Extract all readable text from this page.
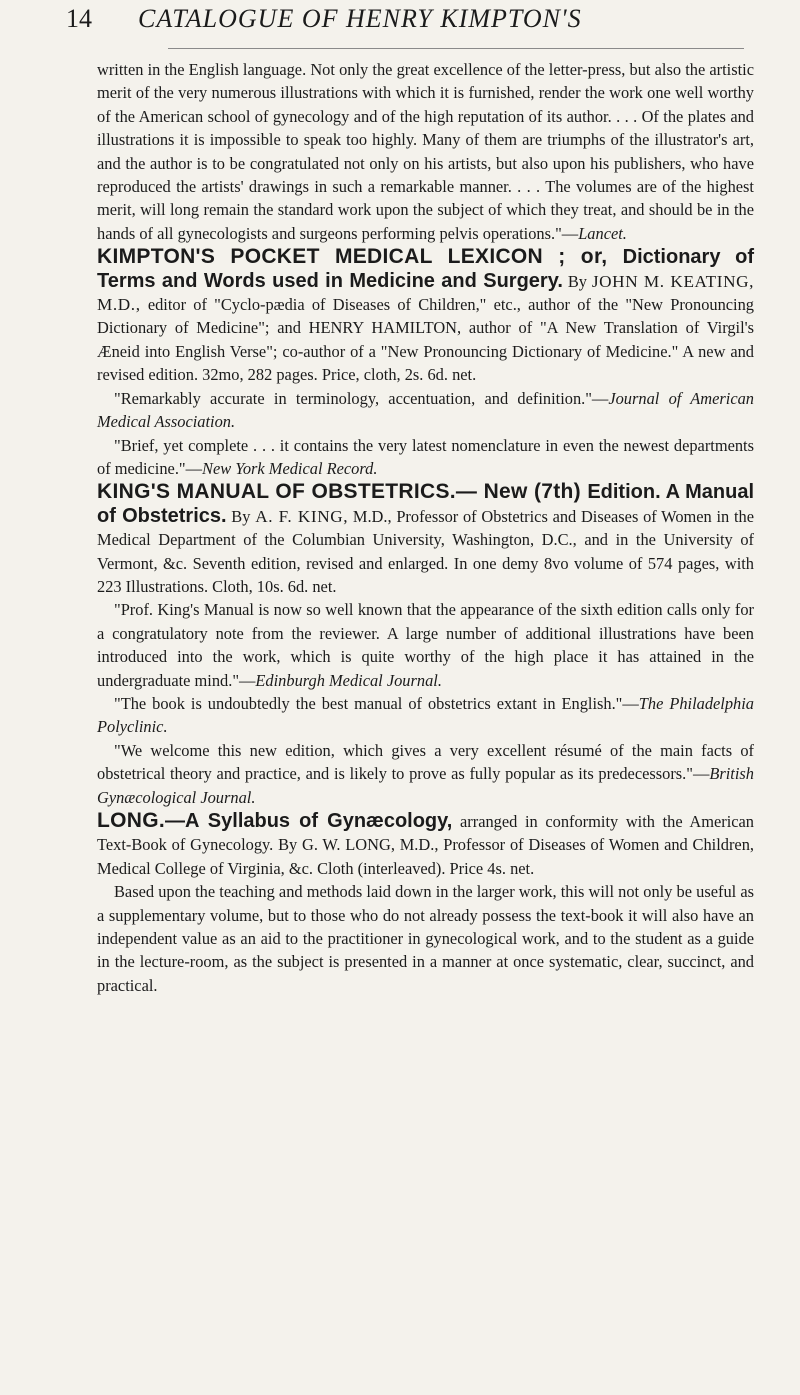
14 CATALOGUE OF HENRY KIMPTON'S

written in the English language. Not only the great excellence of the letter-press, but also the artistic merit of the very numerous illustrations with which it is furnished, render the work one well worthy of the American school of gynecology and of the high reputation of its author. . . . Of the plates and illustrations it is impossible to speak too highly. Many of them are triumphs of the illustrator's art, and the author is to be congratulated not only on his artists, but also upon his publishers, who have reproduced the artists' drawings in such a remarkable manner. . . . The volumes are of the highest merit, will long remain the standard work upon the subject of which they treat, and should be in the hands of all gynecologists and surgeons performing pelvis operations."—Lancet.

KIMPTON'S POCKET MEDICAL LEXICON ; or, Dictionary of Terms and Words used in Medicine and Surgery. By JOHN M. KEATING, M.D., editor of "Cyclo-pædia of Diseases of Children," etc., author of the "New Pronouncing Dictionary of Medicine"; and HENRY HAMILTON, author of "A New Translation of Virgil's Æneid into English Verse"; co-author of a "New Pronouncing Dictionary of Medicine." A new and revised edition. 32mo, 282 pages. Price, cloth, 2s. 6d. net.

"Remarkably accurate in terminology, accentuation, and definition."—Journal of American Medical Association.

"Brief, yet complete . . . it contains the very latest nomenclature in even the newest departments of medicine."—New York Medical Record.

KING'S MANUAL OF OBSTETRICS.— New (7th) Edition. A Manual of Obstetrics. By A. F. KING, M.D., Professor of Obstetrics and Diseases of Women in the Medical Department of the Columbian University, Washington, D.C., and in the University of Vermont, &c. Seventh edition, revised and enlarged. In one demy 8vo volume of 574 pages, with 223 Illustrations. Cloth, 10s. 6d. net.

"Prof. King's Manual is now so well known that the appearance of the sixth edition calls only for a congratulatory note from the reviewer. A large number of additional illustrations have been introduced into the work, which is quite worthy of the high place it has attained in the undergraduate mind."—Edinburgh Medical Journal.

"The book is undoubtedly the best manual of obstetrics extant in English."—The Philadelphia Polyclinic.

"We welcome this new edition, which gives a very excellent résumé of the main facts of obstetrical theory and practice, and is likely to prove as fully popular as its predecessors."—British Gynæcological Journal.

LONG.—A Syllabus of Gynæcology, arranged in conformity with the American Text-Book of Gynecology. By G. W. LONG, M.D., Professor of Diseases of Women and Children, Medical College of Virginia, &c. Cloth (interleaved). Price 4s. net.

Based upon the teaching and methods laid down in the larger work, this will not only be useful as a supplementary volume, but to those who do not already possess the text-book it will also have an independent value as an aid to the practitioner in gynecological work, and to the student as a guide in the lecture-room, as the subject is presented in a manner at once systematic, clear, succinct, and practical.
